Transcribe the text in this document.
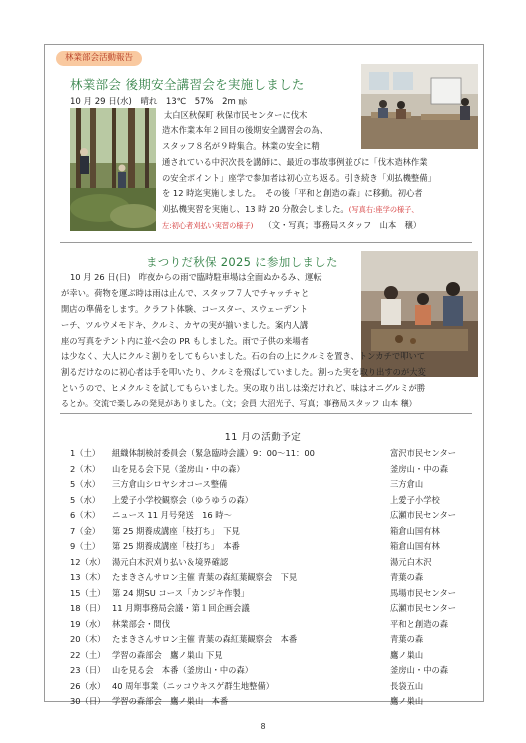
林業部会活動報告
林業部会 後期安全講習会を実施しました
10 月 29 日(水)　晴れ　13℃　57%　2m ㎧
太白区秋保町 秋保市民センターに伐木
造木作業本年２回目の後期安全講習会の為、
スタッフ８名が９時集合。林業の安全に精
通されている中沢次長を講師に、最近の事故事例並びに「伐木造林作業
の安全ポイント」座学で参加者は初心立ち返る。引き続き「刈払機整備」
を 12 時迄実施しました。　その後「平和と創造の森」に移動。初心者
刈払機実習を実施し、13 時 20 分散会しました。(写真右:座学の様子、
左:初心者刈払い実習の様子) （文・写真；事務局スタッフ　山本　穣）
まつりだ秋保 2025 に参加しました
10 月 26 日(日)　昨夜からの雨で臨時駐車場は全面ぬかるみ、運転
が幸い。荷物を運ぶ時は雨は止んで、スタッフ７人でチャッチャと
開店の準備をします。クラフト体験、コースター、スウェーデント
ーチ、ツルウメモドキ、クルミ、カヤの実が揃いました。案内人講
座の写真をテント内に並べ会の PR もしました。雨で子供の来場者
は少なく、大人にクルミ割りをしてもらいました。石の台の上にクルミを置き、トンカチで叩いて
割るだけなのに初心者は手を叩いたり、クルミを飛ばしていました。割った実を取り出すのが大変
というので、ヒメクルミを試してもらいました。実の取り出しは楽だけれど、味はオニグルミが勝
るとか。交流で楽しみの発見がありました。（文；会員 大沼光子、写真；事務局スタッフ 山本 穣）
11 月の活動予定
1（土） 組織体制検討委員会（緊急臨時会議）9：00～11：00	富沢市民センター
2（木） 山を見る会下見（釜房山・中の森）	釜房山・中の森
5（水） 三方倉山シロヤシオコース整備	三方倉山
5（水） 上愛子小学校観察会（ゆうゆうの森）	上愛子小学校
6（木） ニュース 11 月号発送　16 時～	広瀬市民センター
7（金） 第 25 期養成講座「枝打ち」　下見	箱倉山国有林
9（土） 第 25 期養成講座「枝打ち」　本番	箱倉山国有林
12（水） 湯元白木沢刈り払い＆境界確認	湯元白木沢
13（木） たまきさんサロン主催 青葉の森紅葉観察会　下見	青葉の森
15（土） 第 24 期SU コース「カンジキ作製」	馬場市民センター
18（日） 11 月期事務局会議・第１回企画会議	広瀬市民センター
19（水） 林業部会・間伐	平和と創造の森
20（木） たまきさんサロン主催 青葉の森紅葉観察会　本番	青葉の森
22（土） 学習の森部会　鷹ノ巣山 下見	鷹ノ巣山
23（日） 山を見る会　本番（釜房山・中の森）	釜房山・中の森
26（水） 40 周年事業（ニッコウキスゲ群生地整備）	長袋五山
30（日） 学習の森部会　鷹ノ巣山　本番	鷹ノ巣山
8
